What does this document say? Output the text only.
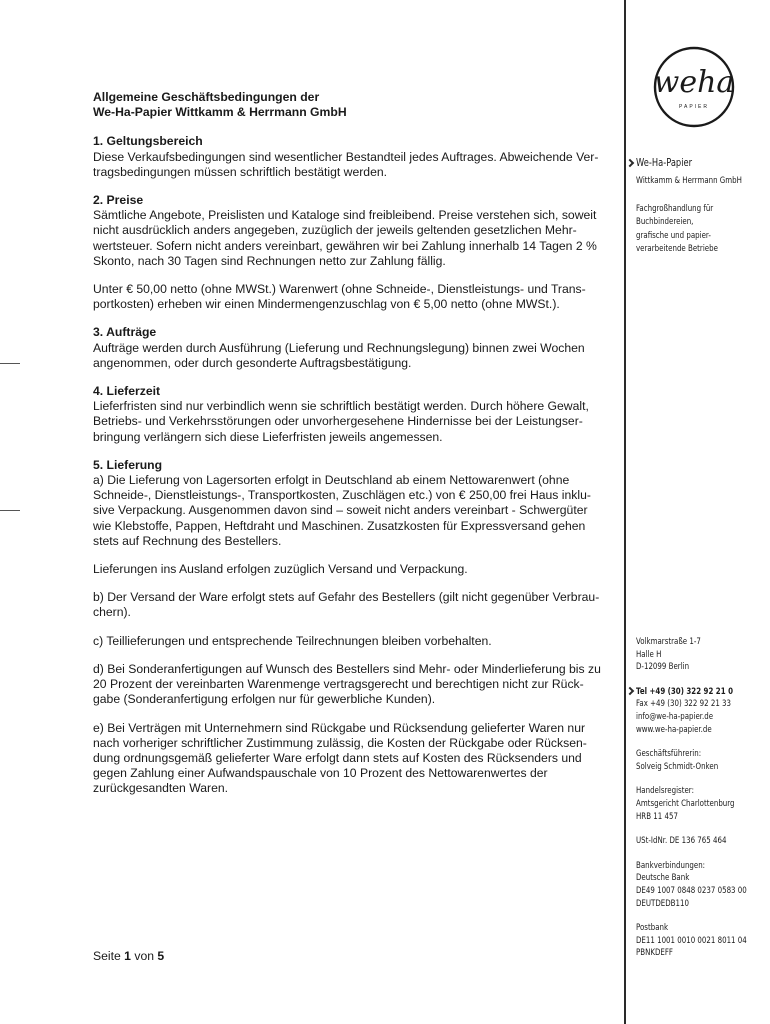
Allgemeine Geschäftsbedingungen der
We-Ha-Papier Wittkamm & Herrmann GmbH
1. Geltungsbereich
Diese Verkaufsbedingungen sind wesentlicher Bestandteil jedes Auftrages. Abweichende Ver-
tragsbedingungen müssen schriftlich bestätigt werden.
2. Preise
Sämtliche Angebote, Preislisten und Kataloge sind freibleibend. Preise verstehen sich, soweit
nicht ausdrücklich anders angegeben, zuzüglich der jeweils geltenden gesetzlichen Mehr-
wertsteuer. Sofern nicht anders vereinbart, gewähren wir bei Zahlung innerhalb 14 Tagen 2 %
Skonto, nach 30 Tagen sind Rechnungen netto zur Zahlung fällig.
Unter € 50,00 netto (ohne MWSt.) Warenwert (ohne Schneide-, Dienstleistungs- und Trans-
portkosten) erheben wir einen Mindermengenzuschlag von € 5,00 netto (ohne MWSt.).
3. Aufträge
Aufträge werden durch Ausführung (Lieferung und Rechnungslegung) binnen zwei Wochen
angenommen, oder durch gesonderte Auftragsbestätigung.
4. Lieferzeit
Lieferfristen sind nur verbindlich wenn sie schriftlich bestätigt werden. Durch höhere Gewalt,
Betriebs- und Verkehrsstörungen oder unvorhergesehene Hindernisse bei der Leistungser-
bringung verlängern sich diese Lieferfristen jeweils angemessen.
5. Lieferung
a) Die Lieferung von Lagersorten erfolgt in Deutschland ab einem Nettowarenwert (ohne
Schneide-, Dienstleistungs-, Transportkosten, Zuschlägen etc.) von € 250,00 frei Haus inklu-
sive Verpackung. Ausgenommen davon sind – soweit nicht anders vereinbart - Schwergüter
wie Klebstoffe, Pappen, Heftdraht und Maschinen. Zusatzkosten für Expressversand gehen
stets auf Rechnung des Bestellers.
Lieferungen ins Ausland erfolgen zuzüglich Versand und Verpackung.
b) Der Versand der Ware erfolgt stets auf Gefahr des Bestellers (gilt nicht gegenüber Verbrau-
chern).
c) Teillieferungen und entsprechende Teilrechnungen bleiben vorbehalten.
d) Bei Sonderanfertigungen auf Wunsch des Bestellers sind Mehr- oder Minderlieferung bis zu
20 Prozent der vereinbarten Warenmenge vertragsgerecht und berechtigen nicht zur Rück-
gabe (Sonderanfertigung erfolgen nur für gewerbliche Kunden).
e) Bei Verträgen mit Unternehmern sind Rückgabe und Rücksendung gelieferter Waren nur
nach vorheriger schriftlicher Zustimmung zulässig, die Kosten der Rückgabe oder Rücksen-
dung ordnungsgemäß gelieferter Ware erfolgt dann stets auf Kosten des Rücksenders und
gegen Zahlung einer Aufwandspauschale von 10 Prozent des Nettowarenwertes der
zurückgesandten Waren.
Seite 1 von 5
weha
PAPIER
We-Ha-Papier
Wittkamm & Herrmann GmbH
Fachgroßhandlung für
Buchbindereien,
grafische und papier-
verarbeitende Betriebe
Volkmarstraße 1-7
Halle H
D-12099 Berlin
Tel +49 (30) 322 92 21 0
Fax +49 (30) 322 92 21 33
info@we-ha-papier.de
www.we-ha-papier.de
Geschäftsführerin:
Solveig Schmidt-Onken
Handelsregister:
Amtsgericht Charlottenburg
HRB 11 457
USt-IdNr. DE 136 765 464
Bankverbindungen:
Deutsche Bank
DE49 1007 0848 0237 0583 00
DEUTDEDB110
Postbank
DE11 1001 0010 0021 8011 04
PBNKDEFF
